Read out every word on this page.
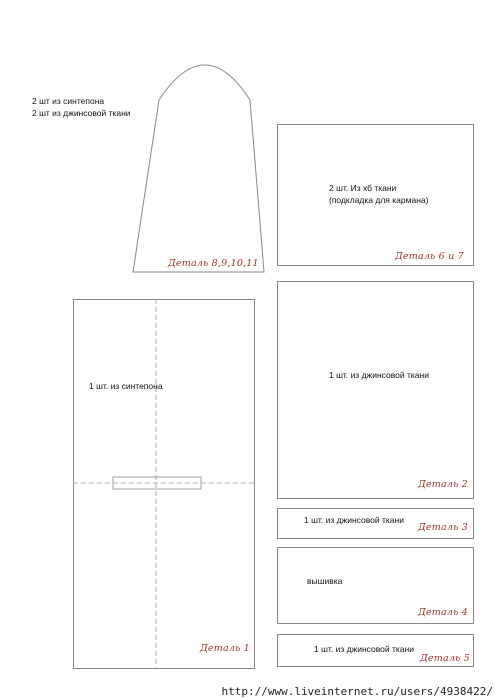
2 шт из синтепона
2 шт из джинсовой ткани
Деталь 8,9,10,11
2 шт. Из хб ткани
(подкладка для кармана)
Деталь 6 и 7
1 шт. из синтепона
Деталь 1
1 шт. из джинсовой ткани
Деталь 2
1 шт. из джинсовой ткани
Деталь 3
вышивка
Деталь 4
1 шт. из джинсовой ткани
Деталь 5
http://www.liveinternet.ru/users/4938422/
